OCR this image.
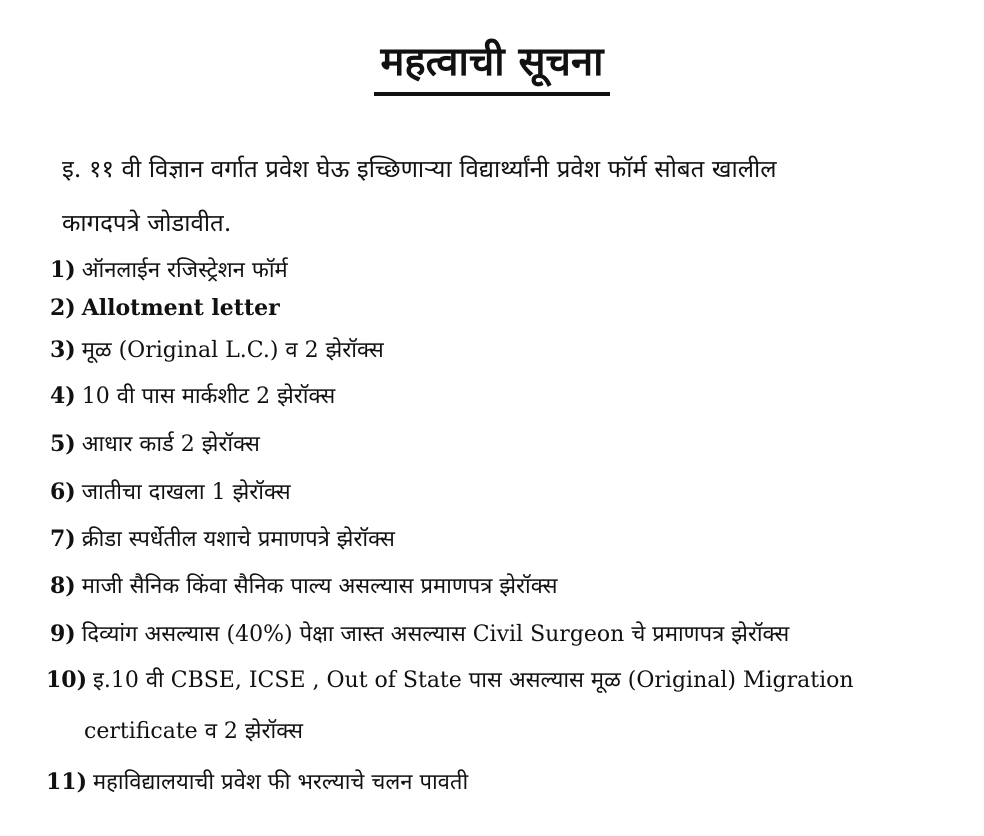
महत्वाची सूचना
इ. ११ वी विज्ञान वर्गात प्रवेश घेऊ इच्छिणाऱ्या विद्यार्थ्यांनी प्रवेश फॉर्म सोबत खालील
कागदपत्रे जोडावीत.
1) ऑनलाईन रजिस्ट्रेशन फॉर्म
2) Allotment letter
3) मूळ (Original L.C.) व 2 झेरॉक्स
4) 10 वी पास मार्कशीट 2 झेरॉक्स
5) आधार कार्ड 2 झेरॉक्स
6) जातीचा दाखला 1 झेरॉक्स
7) क्रीडा स्पर्धेतील यशाचे प्रमाणपत्रे झेरॉक्स
8) माजी सैनिक किंवा सैनिक पाल्य असल्यास प्रमाणपत्र झेरॉक्स
9) दिव्यांग असल्यास (40%) पेक्षा जास्त असल्यास Civil Surgeon चे प्रमाणपत्र झेरॉक्स
10) इ.10 वी CBSE, ICSE , Out of State पास असल्यास मूळ (Original) Migration
certificate व 2 झेरॉक्स
11) महाविद्यालयाची प्रवेश फी भरल्याचे चलन पावती
